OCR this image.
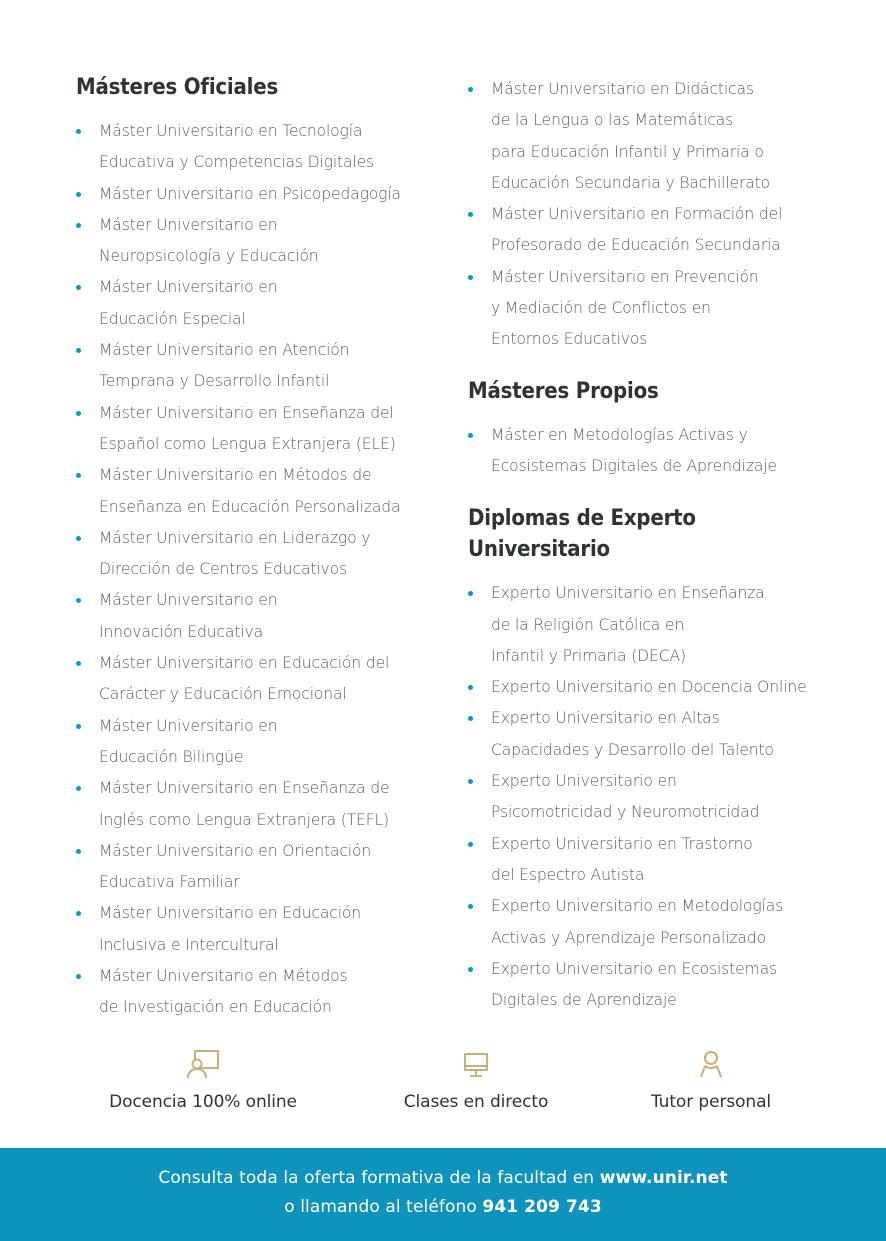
Másteres Oficiales
Máster Universitario en Tecnología
Educativa y Competencias Digitales
Máster Universitario en Psicopedagogía
Máster Universitario en
Neuropsicología y Educación
Máster Universitario en
Educación Especial
Máster Universitario en Atención
Temprana y Desarrollo Infantil
Máster Universitario en Enseñanza del
Español como Lengua Extranjera (ELE)
Máster Universitario en Métodos de
Enseñanza en Educación Personalizada
Máster Universitario en Liderazgo y
Dirección de Centros Educativos
Máster Universitario en
Innovación Educativa
Máster Universitario en Educación del
Carácter y Educación Emocional
Máster Universitario en
Educación Bilingüe
Máster Universitario en Enseñanza de
Inglés como Lengua Extranjera (TEFL)
Máster Universitario en Orientación
Educativa Familiar
Máster Universitario en Educación
Inclusiva e Intercultural
Máster Universitario en Métodos
de Investigación en Educación
Máster Universitario en Didácticas
de la Lengua o las Matemáticas
para Educación Infantil y Primaria o
Educación Secundaria y Bachillerato
Máster Universitario en Formación del
Profesorado de Educación Secundaria
Máster Universitario en Prevención
y Mediación de Conflictos en
Entornos Educativos
Másteres Propios
Máster en Metodologías Activas y
Ecosistemas Digitales de Aprendizaje
Diplomas de Experto
Universitario
Experto Universitario en Enseñanza
de la Religión Católica en
Infantil y Primaria (DECA)
Experto Universitario en Docencia Online
Experto Universitario en Altas
Capacidades y Desarrollo del Talento
Experto Universitario en
Psicomotricidad y Neuromotricidad
Experto Universitario en Trastorno
del Espectro Autista
Experto Universitario en Metodologías
Activas y Aprendizaje Personalizado
Experto Universitario en Ecosistemas
Digitales de Aprendizaje
Docencia 100% online	Clases en directo	Tutor personal
Consulta toda la oferta formativa de la facultad en www.unir.net
o llamando al teléfono 941 209 743
